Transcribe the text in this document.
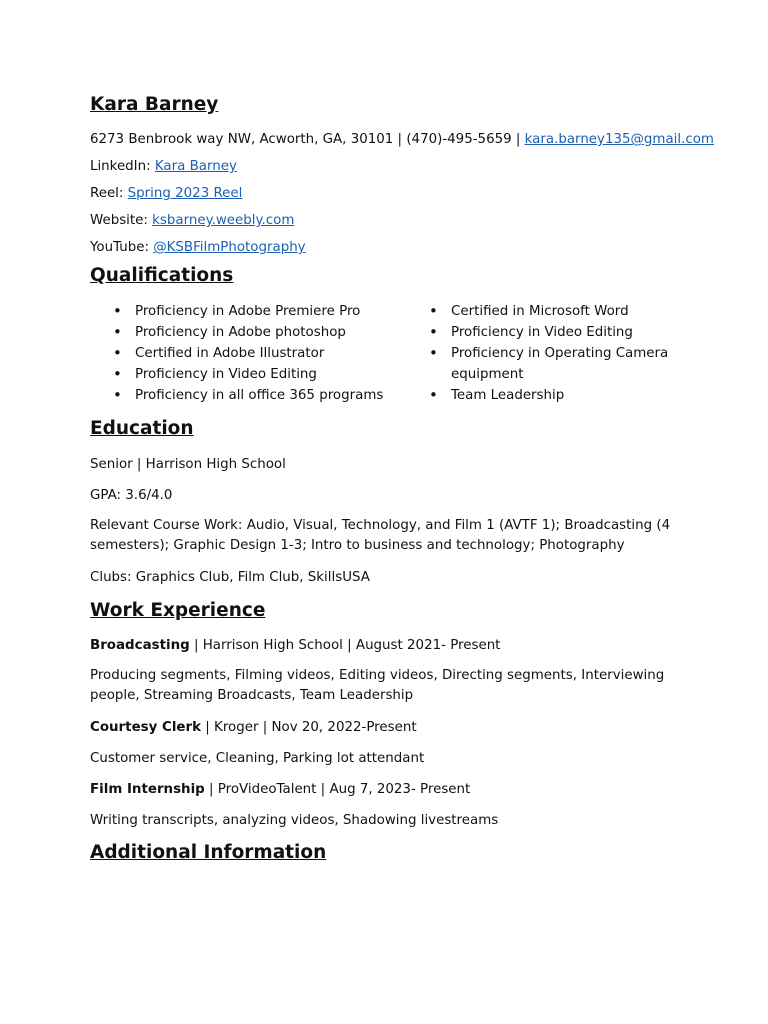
Kara Barney
6273 Benbrook way NW, Acworth, GA, 30101 | (470)-495-5659 | kara.barney135@gmail.com
LinkedIn: Kara Barney
Reel: Spring 2023 Reel
Website: ksbarney.weebly.com
YouTube: @KSBFilmPhotography
Qualifications
• Proficiency in Adobe Premiere Pro
• Proficiency in Adobe photoshop
• Certified in Adobe Illustrator
• Proficiency in Video Editing
• Proficiency in all office 365 programs
• Certified in Microsoft Word
• Proficiency in Video Editing
• Proficiency in Operating Camera equipment
• Team Leadership
Education
Senior | Harrison High School
GPA: 3.6/4.0
Relevant Course Work: Audio, Visual, Technology, and Film 1 (AVTF 1); Broadcasting (4 semesters); Graphic Design 1-3; Intro to business and technology; Photography
Clubs: Graphics Club, Film Club, SkillsUSA
Work Experience
Broadcasting | Harrison High School | August 2021- Present
Producing segments, Filming videos, Editing videos, Directing segments, Interviewing people, Streaming Broadcasts, Team Leadership
Courtesy Clerk | Kroger | Nov 20, 2022-Present
Customer service, Cleaning, Parking lot attendant
Film Internship | ProVideoTalent | Aug 7, 2023- Present
Writing transcripts, analyzing videos, Shadowing livestreams
Additional Information
